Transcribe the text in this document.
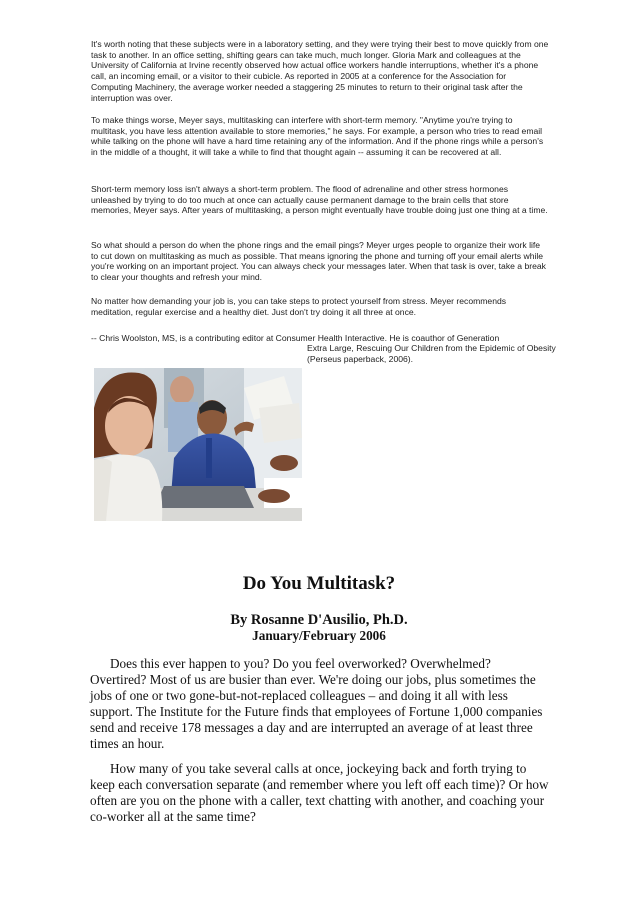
It's worth noting that these subjects were in a laboratory setting, and they were trying their best to move quickly from one task to another. In an office setting, shifting gears can take much, much longer. Gloria Mark and colleagues at the University of California at Irvine recently observed how actual office workers handle interruptions, whether it's a phone call, an incoming email, or a visitor to their cubicle. As reported in 2005 at a conference for the Association for Computing Machinery, the average worker needed a staggering 25 minutes to return to their original task after the interruption was over.

To make things worse, Meyer says, multitasking can interfere with short-term memory. "Anytime you're trying to multitask, you have less attention available to store memories," he says. For example, a person who tries to read email while talking on the phone will have a hard time retaining any of the information. And if the phone rings while a person's in the middle of a thought, it will take a while to find that thought again -- assuming it can be recovered at all.

Short-term memory loss isn't always a short-term problem. The flood of adrenaline and other stress hormones unleashed by trying to do too much at once can actually cause permanent damage to the brain cells that store memories, Meyer says. After years of multitasking, a person might eventually have trouble doing just one thing at a time.

So what should a person do when the phone rings and the email pings? Meyer urges people to organize their work life to cut down on multitasking as much as possible. That means ignoring the phone and turning off your email alerts while you're working on an important project. You can always check your messages later. When that task is over, take a break to clear your thoughts and refresh your mind.

No matter how demanding your job is, you can take steps to protect yourself from stress. Meyer recommends meditation, regular exercise and a healthy diet. Just don't try doing it all three at once.

-- Chris Woolston, MS, is a contributing editor at Consumer Health Interactive. He is coauthor of Generation

Extra Large, Rescuing Our Children from the Epidemic of Obesity (Perseus paperback, 2006).

Do You Multitask?

By Rosanne D'Ausilio, Ph.D.

January/February 2006

Does this ever happen to you? Do you feel overworked? Overwhelmed? Overtired? Most of us are busier than ever. We're doing our jobs, plus sometimes the jobs of one or two gone-but-not-replaced colleagues – and doing it all with less support. The Institute for the Future finds that employees of Fortune 1,000 companies send and receive 178 messages a day and are interrupted an average of at least three times an hour.

How many of you take several calls at once, jockeying back and forth trying to keep each conversation separate (and remember where you left off each time)? Or how often are you on the phone with a caller, text chatting with another, and coaching your co-worker all at the same time?
